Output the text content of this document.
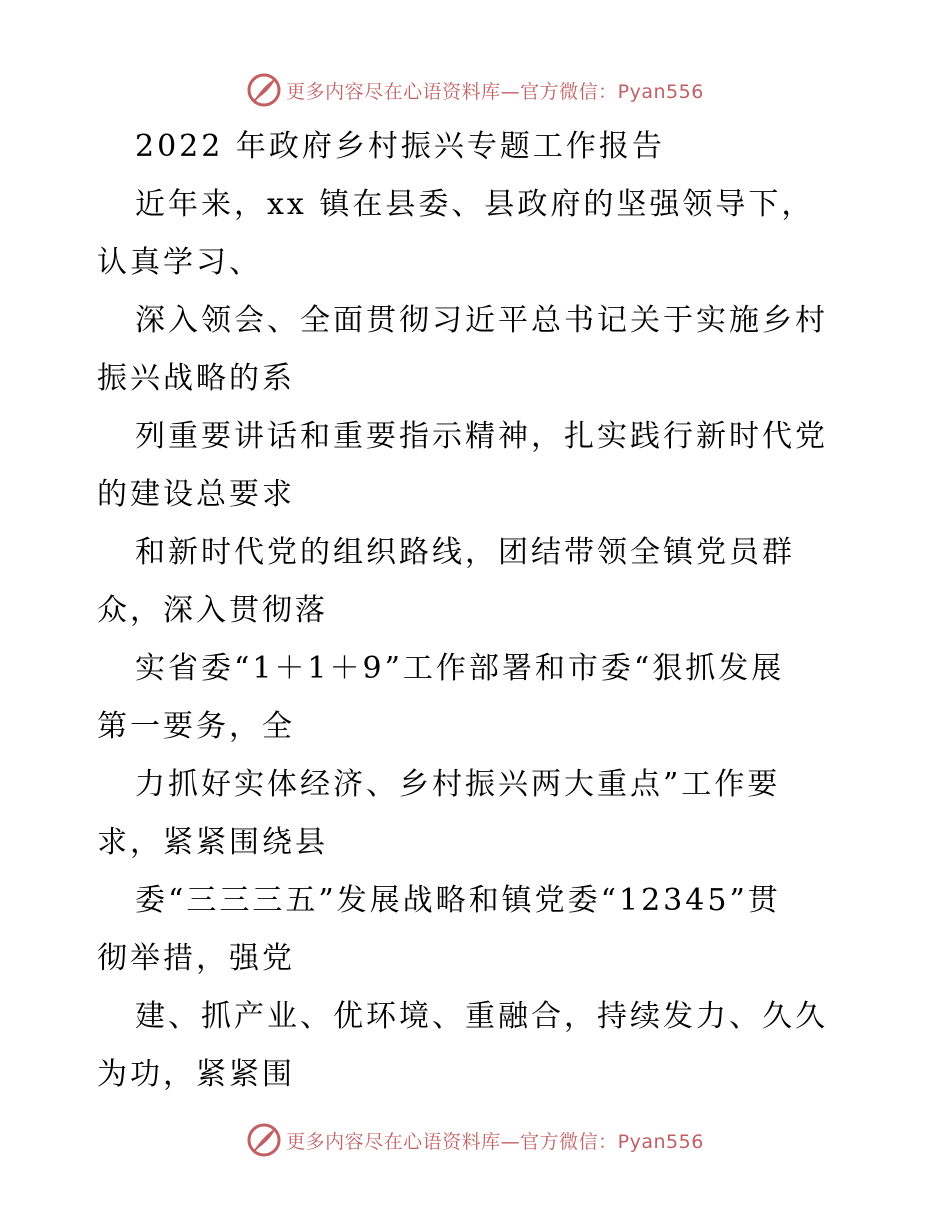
更多内容尽在心语资料库—官方微信：Pyan556

2022 年政府乡村振兴专题工作报告

近年来，xx 镇在县委、县政府的坚强领导下，

认真学习、

深入领会、全面贯彻习近平总书记关于实施乡村

振兴战略的系

列重要讲话和重要指示精神，扎实践行新时代党

的建设总要求

和新时代党的组织路线，团结带领全镇党员群

众，深入贯彻落

实省委“1＋1＋9”工作部署和市委“狠抓发展

第一要务，全

力抓好实体经济、乡村振兴两大重点”工作要

求，紧紧围绕县

委“三三三五”发展战略和镇党委“12345”贯

彻举措，强党

建、抓产业、优环境、重融合，持续发力、久久

为功，紧紧围

更多内容尽在心语资料库—官方微信：Pyan556
